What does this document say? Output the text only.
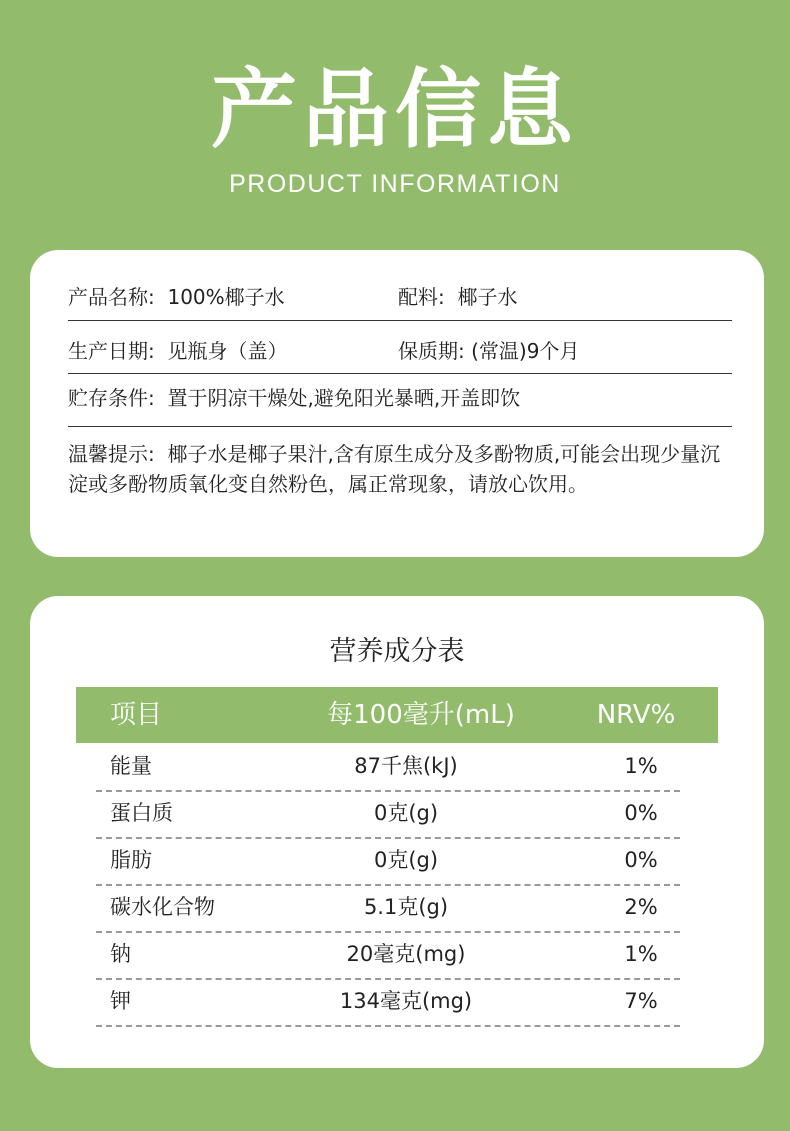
产品信息
PRODUCT INFORMATION
产品名称: 100%椰子水	配料: 椰子水
生产日期: 见瓶身（盖）	保质期: (常温)9个月
贮存条件: 置于阴凉干燥处,避免阳光暴晒,开盖即饮
温馨提示: 椰子水是椰子果汁,含有原生成分及多酚物质,可能会出现少量沉淀或多酚物质氧化变自然粉色，属正常现象，请放心饮用。
营养成分表
项目	每100毫升(mL)	NRV%
能量	87千焦(kJ)	1%
蛋白质	0克(g)	0%
脂肪	0克(g)	0%
碳水化合物	5.1克(g)	2%
钠	20毫克(mg)	1%
钾	134毫克(mg)	7%
